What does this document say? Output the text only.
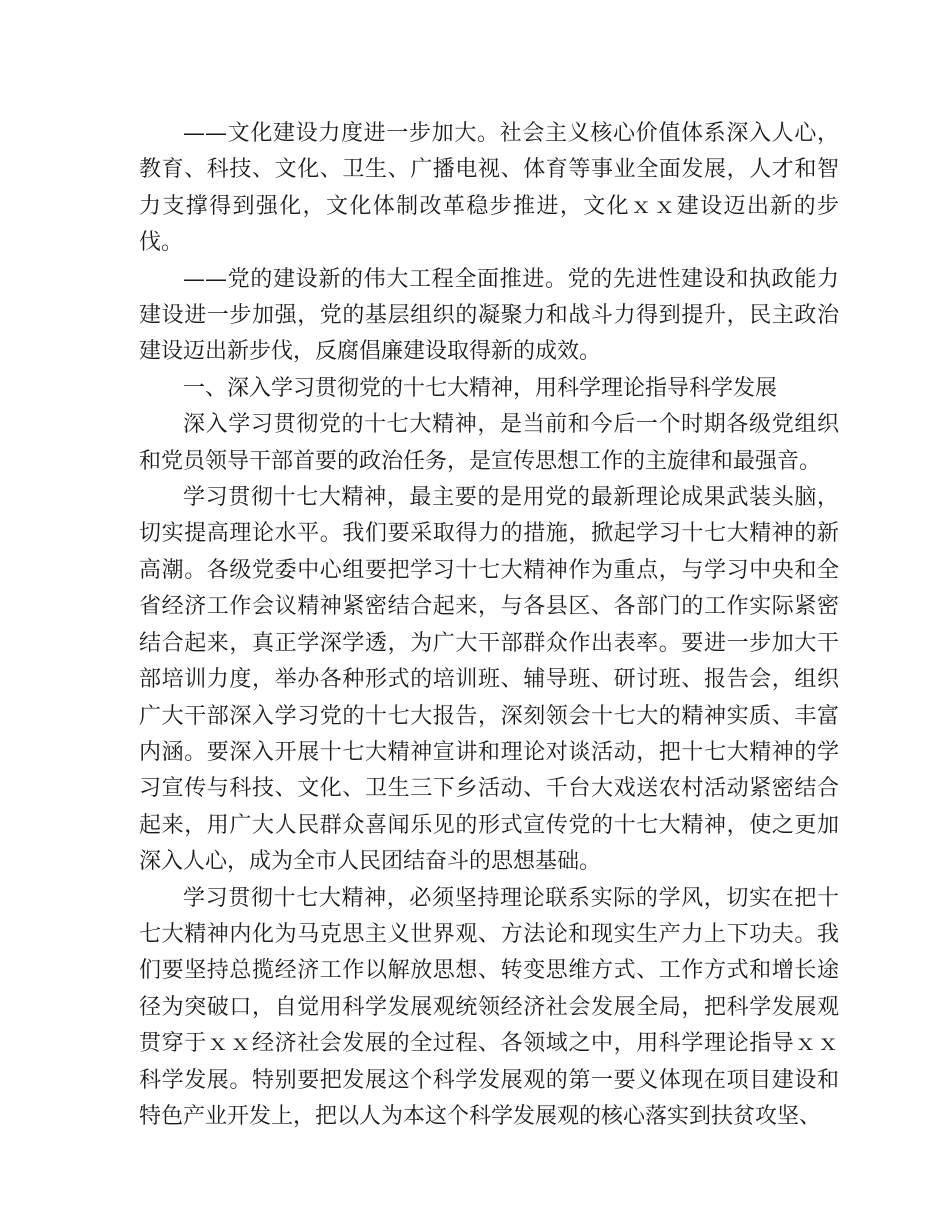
——文化建设力度进一步加大。社会主义核心价值体系深入人心，教育、科技、文化、卫生、广播电视、体育等事业全面发展，人才和智力支撑得到强化，文化体制改革稳步推进，文化ｘｘ建设迈出新的步伐。

——党的建设新的伟大工程全面推进。党的先进性建设和执政能力建设进一步加强，党的基层组织的凝聚力和战斗力得到提升，民主政治建设迈出新步伐，反腐倡廉建设取得新的成效。

一、深入学习贯彻党的十七大精神，用科学理论指导科学发展

深入学习贯彻党的十七大精神，是当前和今后一个时期各级党组织和党员领导干部首要的政治任务，是宣传思想工作的主旋律和最强音。

学习贯彻十七大精神，最主要的是用党的最新理论成果武装头脑，切实提高理论水平。我们要采取得力的措施，掀起学习十七大精神的新高潮。各级党委中心组要把学习十七大精神作为重点，与学习中央和全省经济工作会议精神紧密结合起来，与各县区、各部门的工作实际紧密结合起来，真正学深学透，为广大干部群众作出表率。要进一步加大干部培训力度，举办各种形式的培训班、辅导班、研讨班、报告会，组织广大干部深入学习党的十七大报告，深刻领会十七大的精神实质、丰富内涵。要深入开展十七大精神宣讲和理论对谈活动，把十七大精神的学习宣传与科技、文化、卫生三下乡活动、千台大戏送农村活动紧密结合起来，用广大人民群众喜闻乐见的形式宣传党的十七大精神，使之更加深入人心，成为全市人民团结奋斗的思想基础。

学习贯彻十七大精神，必须坚持理论联系实际的学风，切实在把十七大精神内化为马克思主义世界观、方法论和现实生产力上下功夫。我们要坚持总揽经济工作以解放思想、转变思维方式、工作方式和增长途径为突破口，自觉用科学发展观统领经济社会发展全局，把科学发展观贯穿于ｘｘ经济社会发展的全过程、各领域之中，用科学理论指导ｘｘ科学发展。特别要把发展这个科学发展观的第一要义体现在项目建设和特色产业开发上，把以人为本这个科学发展观的核心落实到扶贫攻坚、
